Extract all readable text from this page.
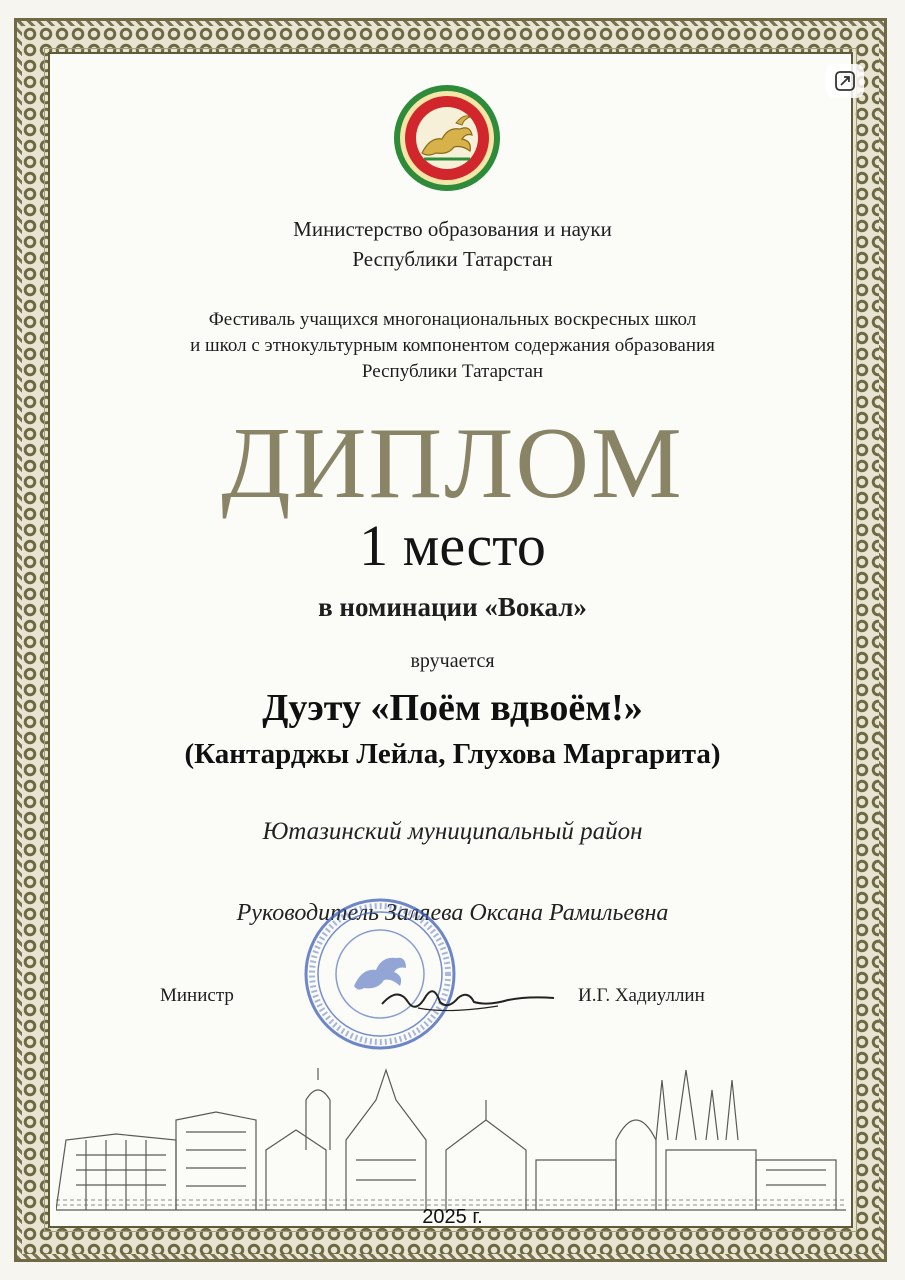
Министерство образования и науки
Республики Татарстан
Фестиваль учащихся многонациональных воскресных школ
и школ с этнокультурным компонентом содержания образования
Республики Татарстан
ДИПЛОМ
1 место
в номинации «Вокал»
вручается
Дуэту «Поём вдвоём!»
(Кантарджы Лейла, Глухова Маргарита)
Ютазинский муниципальный район
Руководитель Заляева Оксана Рамильевна
Министр	И.Г. Хадиуллин
2025 г.
